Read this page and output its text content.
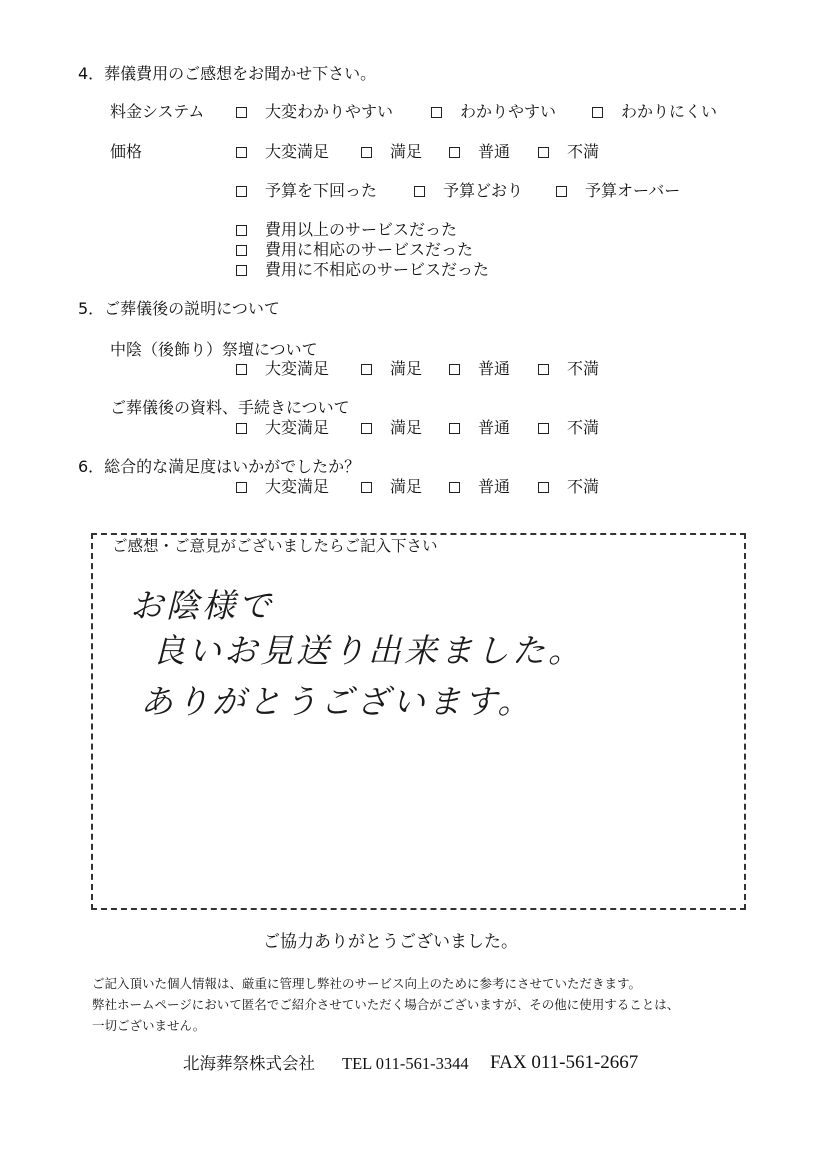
4．葬儀費用のご感想をお聞かせ下さい。
料金システム	大変わかりやすい	わかりやすい	わかりにくい
価格	大変満足	満足	普通	不満
予算を下回った	予算どおり	予算オーバー
費用以上のサービスだった
費用に相応のサービスだった
費用に不相応のサービスだった
5．ご葬儀後の説明について
中陰（後飾り）祭壇について
大変満足	満足	普通	不満
ご葬儀後の資料、手続きについて
大変満足	満足	普通	不満
6．総合的な満足度はいかがでしたか？
大変満足	満足	普通	不満
ご感想・ご意見がございましたらご記入下さい
お陰様で
良いお見送り出来ました。
ありがとうございます。
ご協力ありがとうございました。
ご記入頂いた個人情報は、厳重に管理し弊社のサービス向上のために参考にさせていただきます。
弊社ホームページにおいて匿名でご紹介させていただく場合がございますが、その他に使用することは、
一切ございません。
北海葬祭株式会社 TEL 011-561-3344 FAX 011-561-2667
